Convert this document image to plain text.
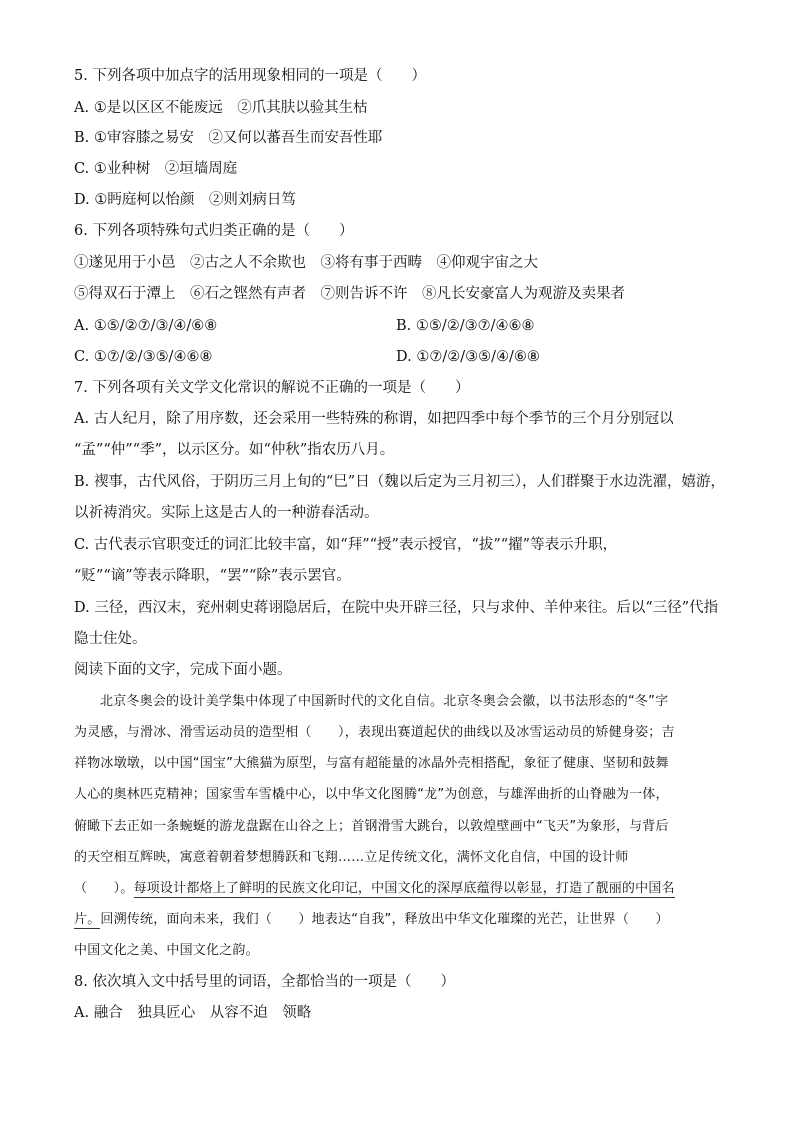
5. 下列各项中加点字的活用现象相同的一项是（　　）
A. ①是以区区不能废远　②爪其肤以验其生枯
B. ①审容膝之易安　②又何以蕃吾生而安吾性耶
C. ①业种树　②垣墙周庭
D. ①眄庭柯以怡颜　②则刘病日笃
6. 下列各项特殊句式归类正确的是（　　）
①遂见用于小邑　②古之人不余欺也　③将有事于西畴　④仰观宇宙之大
⑤得双石于潭上　⑥石之铿然有声者　⑦则告诉不许　⑧凡长安豪富人为观游及卖果者
A. ①⑤/②⑦/③/④/⑥⑧	B. ①⑤/②/③⑦/④⑥⑧
C. ①⑦/②/③⑤/④⑥⑧	D. ①⑦/②/③⑤/④/⑥⑧
7. 下列各项有关文学文化常识的解说不正确的一项是（　　）
A. 古人纪月，除了用序数，还会采用一些特殊的称谓，如把四季中每个季节的三个月分别冠以
“孟”“仲”“季”，以示区分。如“仲秋”指农历八月。
B. 禊事，古代风俗，于阴历三月上旬的“巳”日（魏以后定为三月初三），人们群聚于水边洗濯，嬉游，
以祈祷消灾。实际上这是古人的一种游春活动。
C. 古代表示官职变迁的词汇比较丰富，如“拜”“授”表示授官，“拔”“擢”等表示升职，
“贬”“谪”等表示降职，“罢”“除”表示罢官。
D. 三径，西汉末，兖州刺史蒋诩隐居后，在院中央开辟三径，只与求仲、羊仲来往。后以“三径”代指
隐士住处。
阅读下面的文字，完成下面小题。
北京冬奥会的设计美学集中体现了中国新时代的文化自信。北京冬奥会会徽，以书法形态的“冬”字
为灵感，与滑冰、滑雪运动员的造型相（　　），表现出赛道起伏的曲线以及冰雪运动员的矫健身姿；吉
祥物冰墩墩，以中国“国宝”大熊猫为原型，与富有超能量的冰晶外壳相搭配，象征了健康、坚韧和鼓舞
人心的奥林匹克精神；国家雪车雪橇中心，以中华文化图腾“龙”为创意，与雄浑曲折的山脊融为一体，
俯瞰下去正如一条蜿蜒的游龙盘踞在山谷之上；首钢滑雪大跳台，以敦煌壁画中“飞天”为象形，与背后
的天空相互辉映，寓意着朝着梦想腾跃和飞翔……立足传统文化，满怀文化自信，中国的设计师
（　　）。每项设计都烙上了鲜明的民族文化印记，中国文化的深厚底蕴得以彰显，打造了靓丽的中国名
片。回溯传统，面向未来，我们（　　）地表达“自我”，释放出中华文化璀璨的光芒，让世界（　　）
中国文化之美、中国文化之韵。
8. 依次填入文中括号里的词语，全都恰当的一项是（　　）
A. 融合　独具匠心　从容不迫　领略
